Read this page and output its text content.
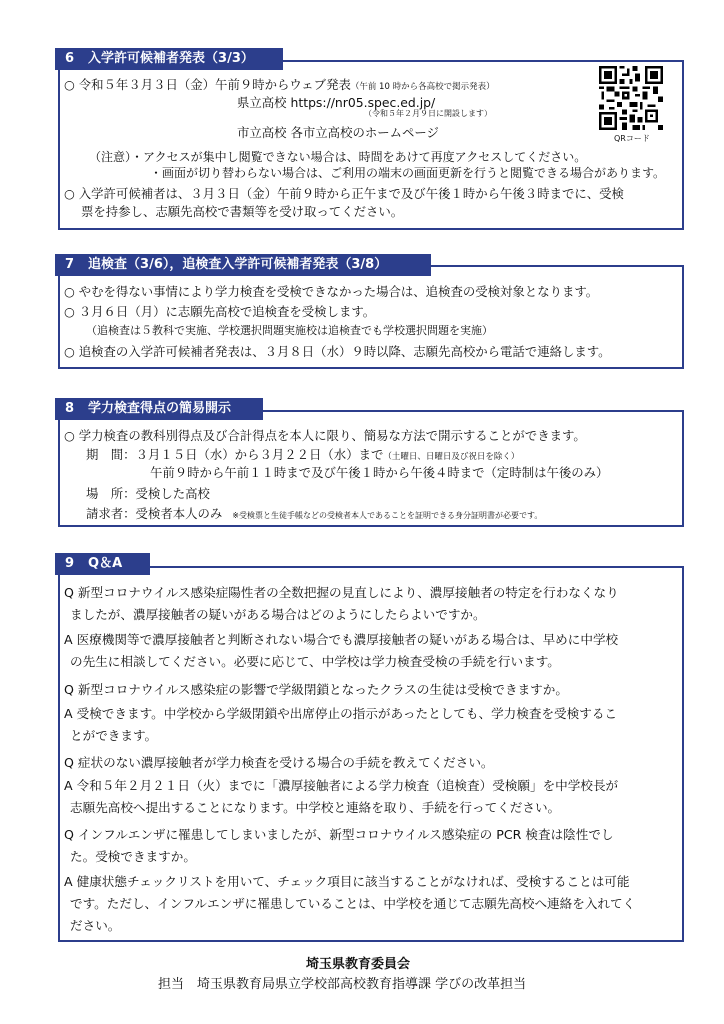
6 入学許可候補者発表（3/3）
○ 令和５年３月３日（金）午前９時からウェブ発表（午前 10 時から各高校で掲示発表）
県立高校 https://nr05.spec.ed.jp/
（令和５年２月９日に開設します）
市立高校 各市立高校のホームページ	QRコード
（注意）・アクセスが集中し閲覧できない場合は、時間をあけて再度アクセスしてください。
・画面が切り替わらない場合は、ご利用の端末の画面更新を行うと閲覧できる場合があります。
○ 入学許可候補者は、３月３日（金）午前９時から正午まで及び午後１時から午後３時までに、受検
票を持参し、志願先高校で書類等を受け取ってください。
7 追検査（3/6），追検査入学許可候補者発表（3/8）
○ やむを得ない事情により学力検査を受検できなかった場合は、追検査の受検対象となります。
○ ３月６日（月）に志願先高校で追検査を受検します。
（追検査は５教科で実施、学校選択問題実施校は追検査でも学校選択問題を実施）
○ 追検査の入学許可候補者発表は、３月８日（水）９時以降、志願先高校から電話で連絡します。
8 学力検査得点の簡易開示
○ 学力検査の教科別得点及び合計得点を本人に限り、簡易な方法で開示することができます。
期　間：３月１５日（水）から３月２２日（水）まで（土曜日、日曜日及び祝日を除く）
午前９時から午前１１時まで及び午後１時から午後４時まで（定時制は午後のみ）
場　所：受検した高校
請求者：受検者本人のみ ※受検票と生徒手帳などの受検者本人であることを証明できる身分証明書が必要です。
9 Q＆A
Q 新型コロナウイルス感染症陽性者の全数把握の見直しにより、濃厚接触者の特定を行わなくなり
ましたが、濃厚接触者の疑いがある場合はどのようにしたらよいですか。
A 医療機関等で濃厚接触者と判断されない場合でも濃厚接触者の疑いがある場合は、早めに中学校
の先生に相談してください。必要に応じて、中学校は学力検査受検の手続を行います。
Q 新型コロナウイルス感染症の影響で学級閉鎖となったクラスの生徒は受検できますか。
A 受検できます。中学校から学級閉鎖や出席停止の指示があったとしても、学力検査を受検するこ
とができます。
Q 症状のない濃厚接触者が学力検査を受ける場合の手続を教えてください。
A 令和５年２月２１日（火）までに「濃厚接触者による学力検査（追検査）受検願」を中学校長が
志願先高校へ提出することになります。中学校と連絡を取り、手続を行ってください。
Q インフルエンザに罹患してしまいましたが、新型コロナウイルス感染症の PCR 検査は陰性でし
た。受検できますか。
A 健康状態チェックリストを用いて、チェック項目に該当することがなければ、受検することは可能
です。ただし、インフルエンザに罹患していることは、中学校を通じて志願先高校へ連絡を入れてく
ださい。
埼玉県教育委員会
担当　埼玉県教育局県立学校部高校教育指導課 学びの改革担当
